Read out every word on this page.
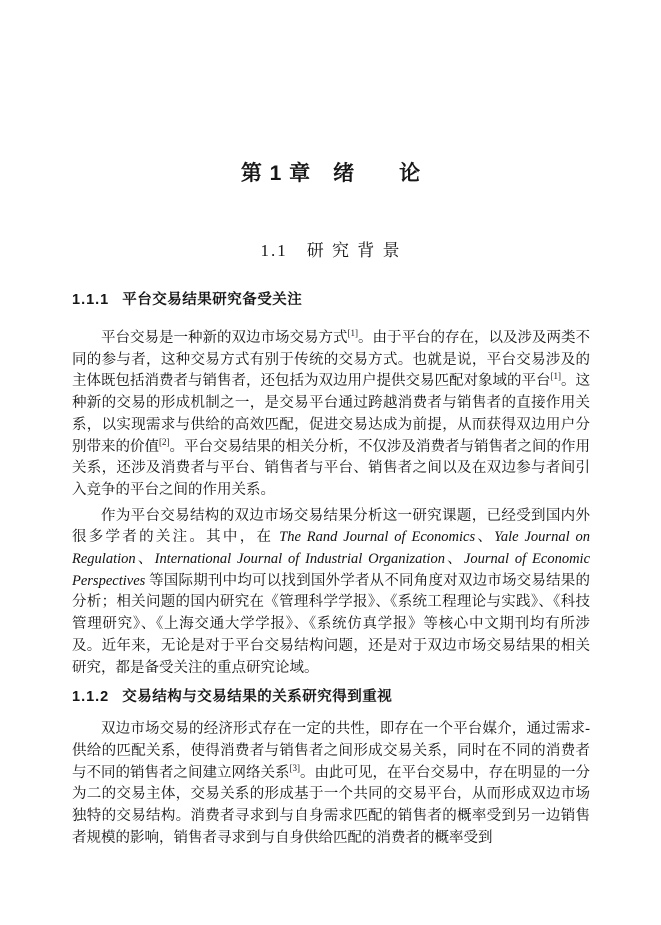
第 1 章　绪　　论
1.1　研 究 背 景
1.1.1 平台交易结果研究备受关注

平台交易是一种新的双边市场交易方式[1]。由于平台的存在，以及涉及两类不同的参与者，这种交易方式有别于传统的交易方式。也就是说，平台交易涉及的主体既包括消费者与销售者，还包括为双边用户提供交易匹配对象域的平台[1]。这种新的交易的形成机制之一，是交易平台通过跨越消费者与销售者的直接作用关系，以实现需求与供给的高效匹配，促进交易达成为前提，从而获得双边用户分别带来的价值[2]。平台交易结果的相关分析，不仅涉及消费者与销售者之间的作用关系，还涉及消费者与平台、销售者与平台、销售者之间以及在双边参与者间引入竞争的平台之间的作用关系。

作为平台交易结构的双边市场交易结果分析这一研究课题，已经受到国内外很多学者的关注。其中，在 The Rand Journal of Economics、Yale Journal on Regulation、International Journal of Industrial Organization、Journal of Economic Perspectives 等国际期刊中均可以找到国外学者从不同角度对双边市场交易结果的分析；相关问题的国内研究在《管理科学学报》、《系统工程理论与实践》、《科技管理研究》、《上海交通大学学报》、《系统仿真学报》等核心中文期刊均有所涉及。近年来，无论是对于平台交易结构问题，还是对于双边市场交易结果的相关研究，都是备受关注的重点研究论域。

1.1.2 交易结构与交易结果的关系研究得到重视

双边市场交易的经济形式存在一定的共性，即存在一个平台媒介，通过需求-供给的匹配关系，使得消费者与销售者之间形成交易关系，同时在不同的消费者与不同的销售者之间建立网络关系[3]。由此可见，在平台交易中，存在明显的一分为二的交易主体，交易关系的形成基于一个共同的交易平台，从而形成双边市场独特的交易结构。消费者寻求到与自身需求匹配的销售者的概率受到另一边销售者规模的影响，销售者寻求到与自身供给匹配的消费者的概率受到
